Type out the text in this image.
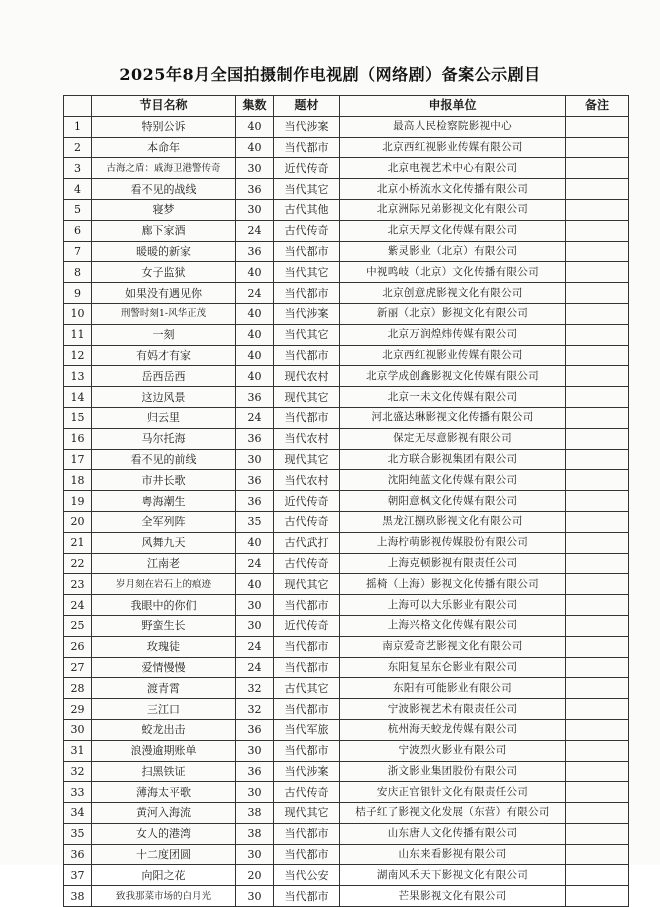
2025年8月全国拍摄制作电视剧（网络剧）备案公示剧目
	节目名称	集数	题材	申报单位	备注
1	特别公诉	40	当代涉案	最高人民检察院影视中心	
2	本命年	40	当代都市	北京西红视影业传媒有限公司	
3	古海之盾：戚海卫港警传奇	30	近代传奇	北京电视艺术中心有限公司	
4	看不见的战线	36	当代其它	北京小桥流水文化传播有限公司	
5	寝梦	30	古代其他	北京洲际兄弟影视文化有限公司	
6	廊下家酒	24	古代传奇	北京天厚文化传媒有限公司	
7	暖暖的新家	36	当代都市	紫灵影业（北京）有限公司	
8	女子监狱	40	当代其它	中视鸣岐（北京）文化传播有限公司	
9	如果没有遇见你	24	当代都市	北京创意虎影视文化有限公司	
10	刑警时刻1-风华正茂	40	当代涉案	新丽（北京）影视文化有限公司	
11	一刻	40	当代其它	北京万润煌炜传媒有限公司	
12	有妈才有家	40	当代都市	北京西红视影业传媒有限公司	
13	岳西岳西	40	现代农村	北京学成创鑫影视文化传媒有限公司	
14	这边风景	36	现代其它	北京一未文化传媒有限公司	
15	归云里	24	当代都市	河北盛达琳影视文化传播有限公司	
16	马尔托海	36	当代农村	保定无尽意影视有限公司	
17	看不见的前线	30	现代其它	北方联合影视集团有限公司	
18	市井长歌	36	当代农村	沈阳纯蓝文化传媒有限公司	
19	粤海潮生	36	近代传奇	朝阳意枫文化传媒有限公司	
20	全军列阵	35	古代传奇	黑龙江捌玖影视文化有限公司	
21	风舞九天	40	古代武打	上海柠萌影视传媒股份有限公司	
22	江南老	24	古代传奇	上海克顿影视有限责任公司	
23	岁月刻在岩石上的痕迹	40	现代其它	摇椅（上海）影视文化传播有限公司	
24	我眼中的你们	30	当代都市	上海可以大乐影业有限公司	
25	野蛮生长	30	近代传奇	上海兴格文化传媒有限公司	
26	玫瑰徒	24	当代都市	南京爱奇艺影视文化有限公司	
27	爱情慢慢	24	当代都市	东阳复星东仑影业有限公司	
28	渡青霄	32	古代其它	东阳有可能影业有限公司	
29	三江口	32	当代都市	宁波影视艺术有限责任公司	
30	蛟龙出击	36	当代军旅	杭州海天蛟龙传媒有限公司	
31	浪漫逾期账单	30	当代都市	宁波烈火影业有限公司	
32	扫黑铁证	36	当代涉案	浙文影业集团股份有限公司	
33	薄海太平歌	30	古代传奇	安庆正官银针文化有限责任公司	
34	黄河入海流	38	现代其它	桔子红了影视文化发展（东营）有限公司	
35	女人的港湾	38	当代都市	山东唐人文化传播有限公司	
36	十二度团圆	30	当代都市	山东来看影视有限公司	
37	向阳之花	20	当代公安	湖南风禾天下影视文化有限公司	
38	致我那菜市场的白月光	30	当代都市	芒果影视文化有限公司	
